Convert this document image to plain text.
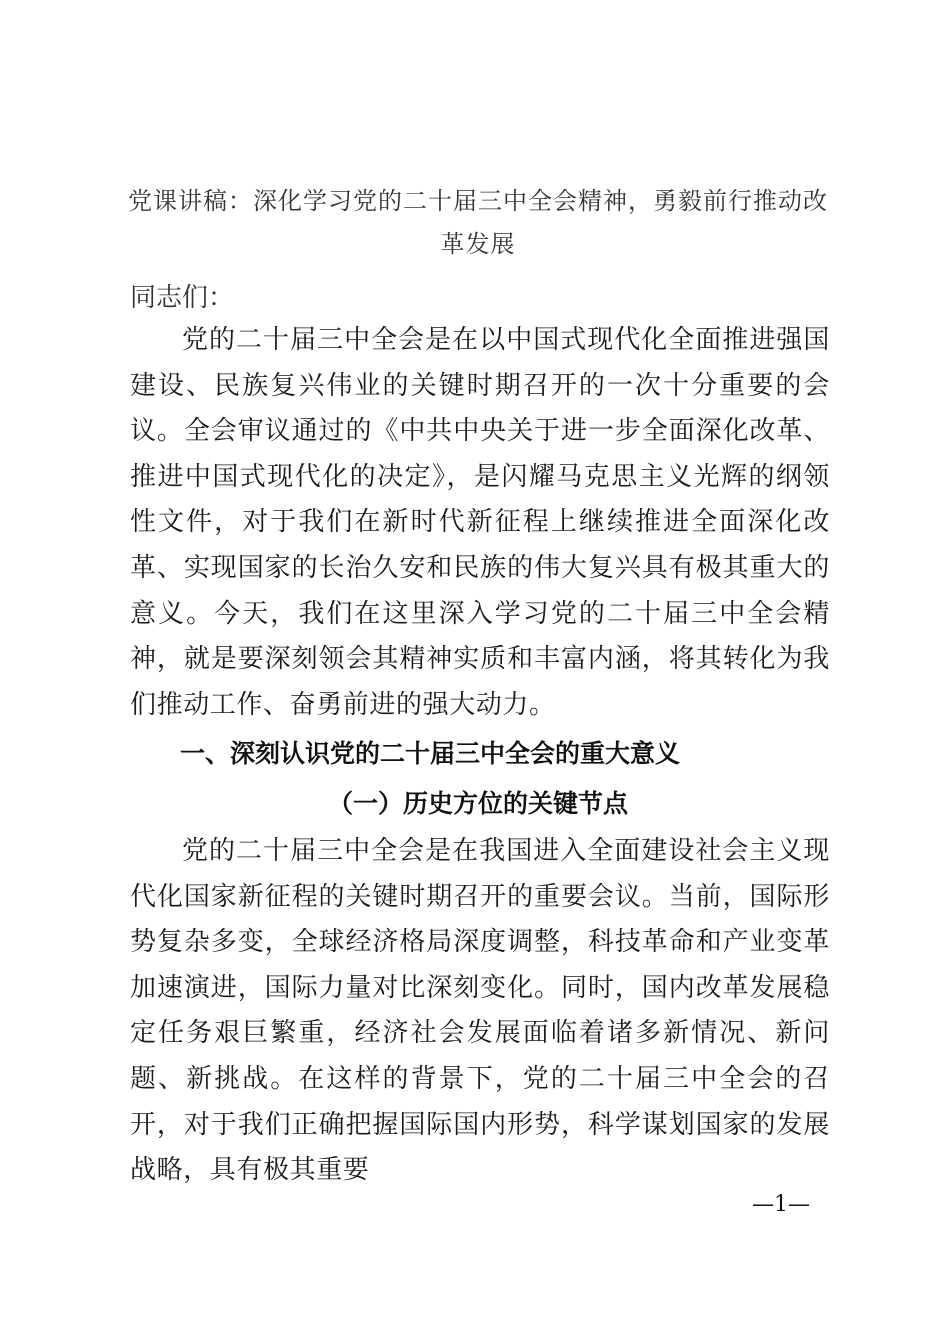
党课讲稿：深化学习党的二十届三中全会精神，勇毅前行推动改革发展
同志们：

党的二十届三中全会是在以中国式现代化全面推进强国建设、民族复兴伟业的关键时期召开的一次十分重要的会议。全会审议通过的《中共中央关于进一步全面深化改革、推进中国式现代化的决定》，是闪耀马克思主义光辉的纲领性文件，对于我们在新时代新征程上继续推进全面深化改革、实现国家的长治久安和民族的伟大复兴具有极其重大的意义。今天，我们在这里深入学习党的二十届三中全会精神，就是要深刻领会其精神实质和丰富内涵，将其转化为我们推动工作、奋勇前进的强大动力。

一、深刻认识党的二十届三中全会的重大意义
（一）历史方位的关键节点

党的二十届三中全会是在我国进入全面建设社会主义现代化国家新征程的关键时期召开的重要会议。当前，国际形势复杂多变，全球经济格局深度调整，科技革命和产业变革加速演进，国际力量对比深刻变化。同时，国内改革发展稳定任务艰巨繁重，经济社会发展面临着诸多新情况、新问题、新挑战。在这样的背景下，党的二十届三中全会的召开，对于我们正确把握国际国内形势，科学谋划国家的发展战略，具有极其重要

—1—
